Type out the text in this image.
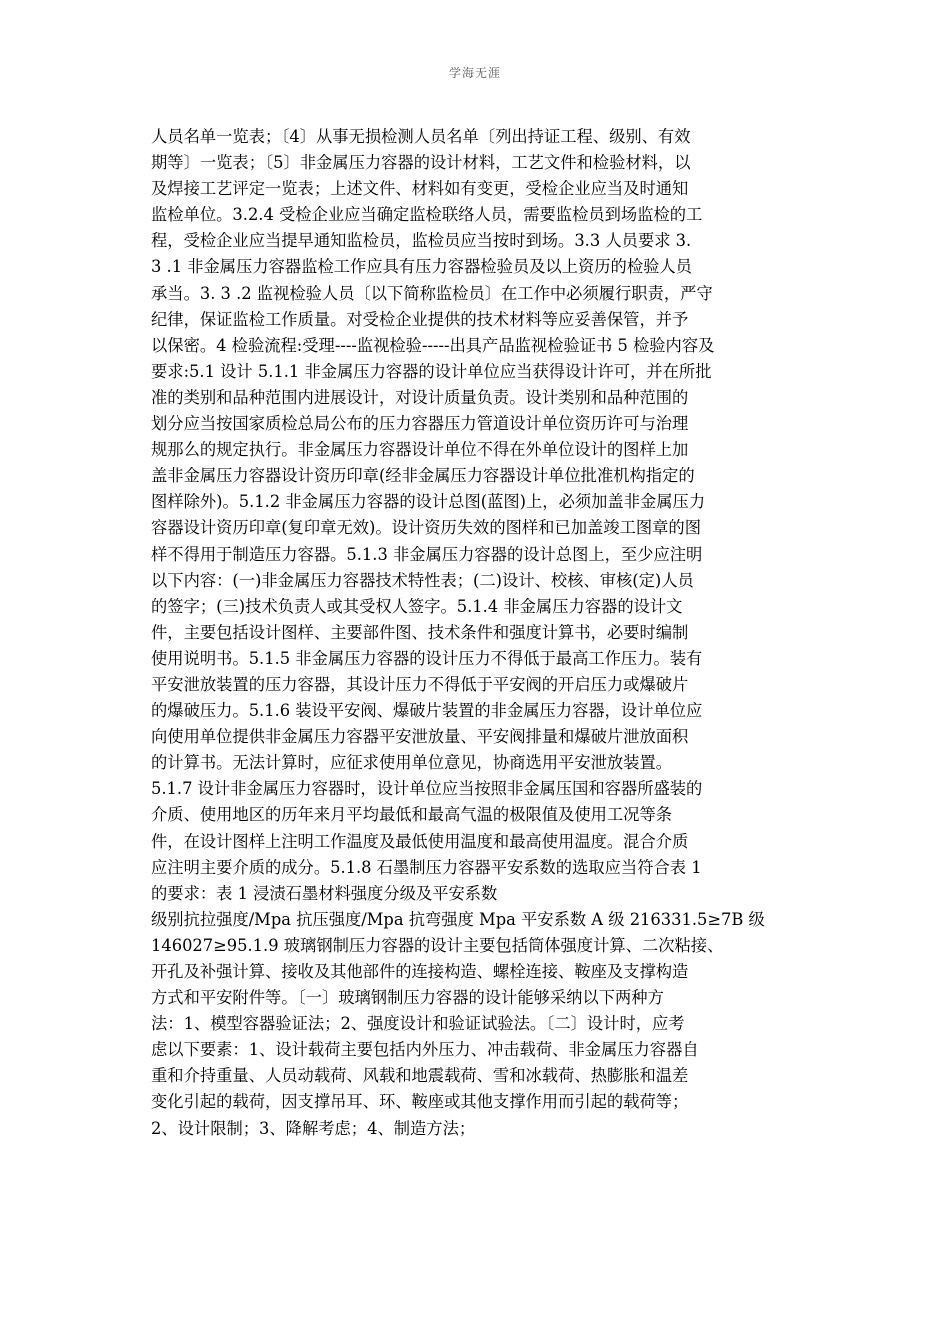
学海无涯
人员名单一览表；〔4〕从事无损检测人员名单〔列出持证工程、级别、有效
期等〕一览表；〔5〕非金属压力容器的设计材料，工艺文件和检验材料，以
及焊接工艺评定一览表；上述文件、材料如有变更，受检企业应当及时通知
监检单位。3.2.4 受检企业应当确定监检联络人员，需要监检员到场监检的工
程，受检企业应当提早通知监检员，监检员应当按时到场。3.3 人员要求 3.
3 .1 非金属压力容器监检工作应具有压力容器检验员及以上资历的检验人员
承当。3. 3 .2 监视检验人员〔以下简称监检员〕在工作中必须履行职责，严守
纪律，保证监检工作质量。对受检企业提供的技术材料等应妥善保管，并予
以保密。4 检验流程:受理----监视检验-----出具产品监视检验证书 5 检验内容及
要求:5.1 设计 5.1.1 非金属压力容器的设计单位应当获得设计许可，并在所批
准的类别和品种范围内进展设计，对设计质量负责。设计类别和品种范围的
划分应当按国家质检总局公布的压力容器压力管道设计单位资历许可与治理
规那么的规定执行。非金属压力容器设计单位不得在外单位设计的图样上加
盖非金属压力容器设计资历印章(经非金属压力容器设计单位批准机构指定的
图样除外)。5.1.2 非金属压力容器的设计总图(蓝图)上，必须加盖非金属压力
容器设计资历印章(复印章无效)。设计资历失效的图样和已加盖竣工图章的图
样不得用于制造压力容器。5.1.3 非金属压力容器的设计总图上，至少应注明
以下内容：(一)非金属压力容器技术特性表；(二)设计、校核、审核(定)人员
的签字；(三)技术负责人或其受权人签字。5.1.4 非金属压力容器的设计文
件，主要包括设计图样、主要部件图、技术条件和强度计算书，必要时编制
使用说明书。5.1.5 非金属压力容器的设计压力不得低于最高工作压力。装有
平安泄放装置的压力容器，其设计压力不得低于平安阀的开启压力或爆破片
的爆破压力。5.1.6 装设平安阀、爆破片装置的非金属压力容器，设计单位应
向使用单位提供非金属压力容器平安泄放量、平安阀排量和爆破片泄放面积
的计算书。无法计算时，应征求使用单位意见，协商选用平安泄放装置。
5.1.7 设计非金属压力容器时，设计单位应当按照非金属压国和容器所盛装的
介质、使用地区的历年来月平均最低和最高气温的极限值及使用工况等条
件，在设计图样上注明工作温度及最低使用温度和最高使用温度。混合介质
应注明主要介质的成分。5.1.8 石墨制压力容器平安系数的选取应当符合表 1
的要求：表 1 浸渍石墨材料强度分级及平安系数
级别抗拉强度/Mpa 抗压强度/Mpa 抗弯强度 Mpa 平安系数 A 级 216331.5≥7B 级
146027≥95.1.9 玻璃钢制压力容器的设计主要包括筒体强度计算、二次粘接、
开孔及补强计算、接收及其他部件的连接构造、螺栓连接、鞍座及支撑构造
方式和平安附件等。〔一〕玻璃钢制压力容器的设计能够采纳以下两种方
法：1、模型容器验证法；2、强度设计和验证试验法。〔二〕设计时，应考
虑以下要素：1、设计载荷主要包括内外压力、冲击载荷、非金属压力容器自
重和介持重量、人员动载荷、风载和地震载荷、雪和冰载荷、热膨胀和温差
变化引起的载荷，因支撑吊耳、环、鞍座或其他支撑作用而引起的载荷等；
2、设计限制；3、降解考虑；4、制造方法；
